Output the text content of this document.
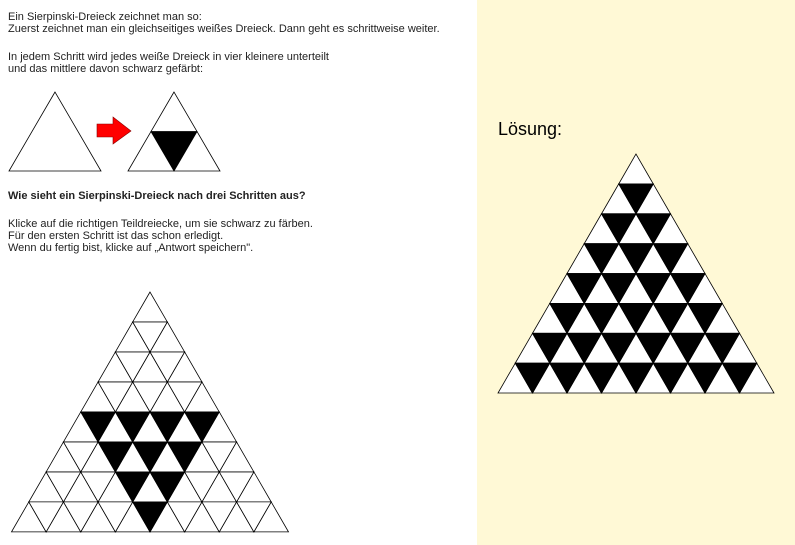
Ein Sierpinski-Dreieck zeichnet man so:
Zuerst zeichnet man ein gleichseitiges weißes Dreieck. Dann geht es schrittweise weiter.
In jedem Schritt wird jedes weiße Dreieck in vier kleinere unterteilt
und das mittlere davon schwarz gefärbt:
Wie sieht ein Sierpinski-Dreieck nach drei Schritten aus?
Klicke auf die richtigen Teildreiecke, um sie schwarz zu färben.
Für den ersten Schritt ist das schon erledigt.
Wenn du fertig bist, klicke auf „Antwort speichern".
Lösung:
